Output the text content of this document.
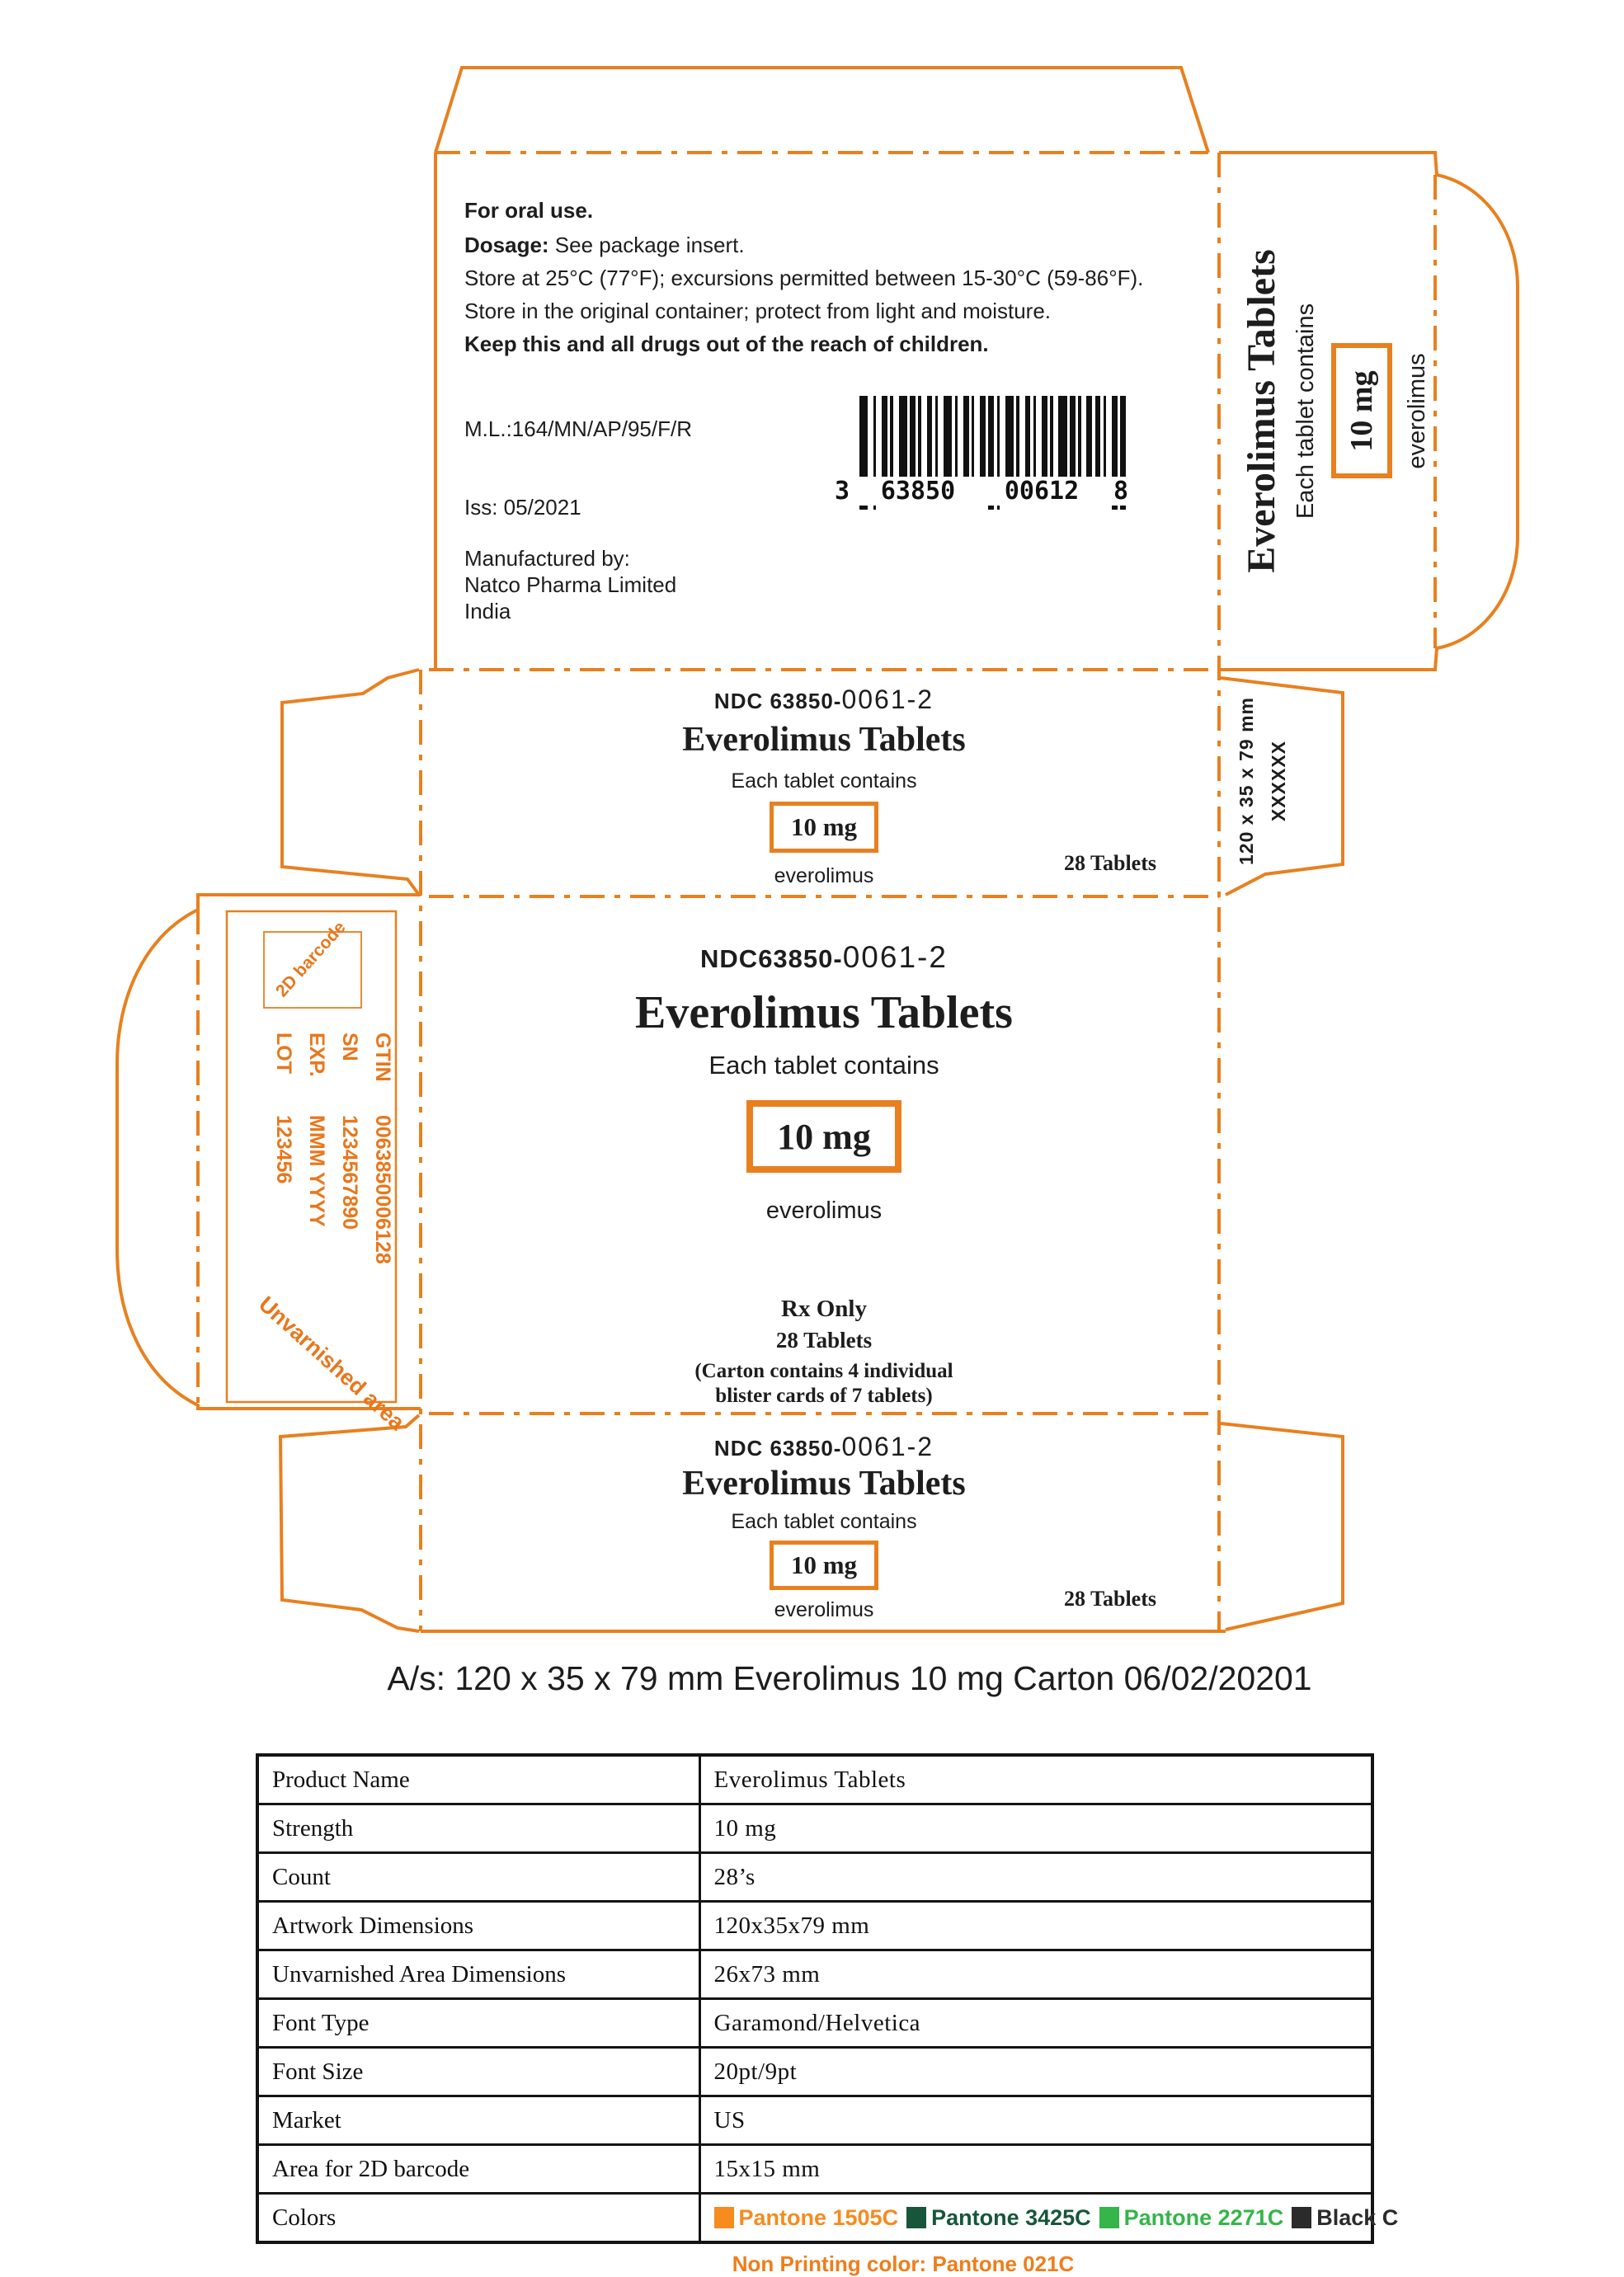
For oral use.
Dosage: See package insert.
Store at 25°C (77°F); excursions permitted between 15-30°C (59-86°F).
Store in the original container; protect from light and moisture.
Keep this and all drugs out of the reach of children.
M.L.:164/MN/AP/95/F/R
Iss: 05/2021
Manufactured by:
Natco Pharma Limited
India
3	63850	00612	8	Everolimus Tablets Each tablet contains 10 mg everolimus
NDC 63850- 0061-2
Everolimus Tablets
Each tablet contains
10 mg
everolimus
28 Tablets
NDC63850- 0061-2
Everolimus Tablets
Each tablet contains
10 mg
everolimus
Rx Only
28 Tablets
(Carton contains 4 individual
blister cards of 7 tablets)
NDC 63850- 0061-2
Everolimus Tablets
Each tablet contains
10 mg
everolimus	28 Tablets
120 x 35 x 79 mm XXXXXX
2D barcode
GTIN
0063850006128
SN
1234567890
EXP.
MMM YYYY
LOT
123456
Unvarnished area
A/s: 120 x 35 x 79 mm Everolimus 10 mg Carton 06/02/20201
Product Name	Everolimus Tablets
Strength	10 mg
Count	28’s
Artwork Dimensions	120x35x79 mm
Unvarnished Area Dimensions	26x73 mm
Font Type	Garamond/Helvetica
Font Size	20pt/9pt
Market	US
Area for 2D barcode	15x15 mm
Colors	Pantone 1505C Pantone 3425C Pantone 2271C Black C
Non Printing color: Pantone 021C
